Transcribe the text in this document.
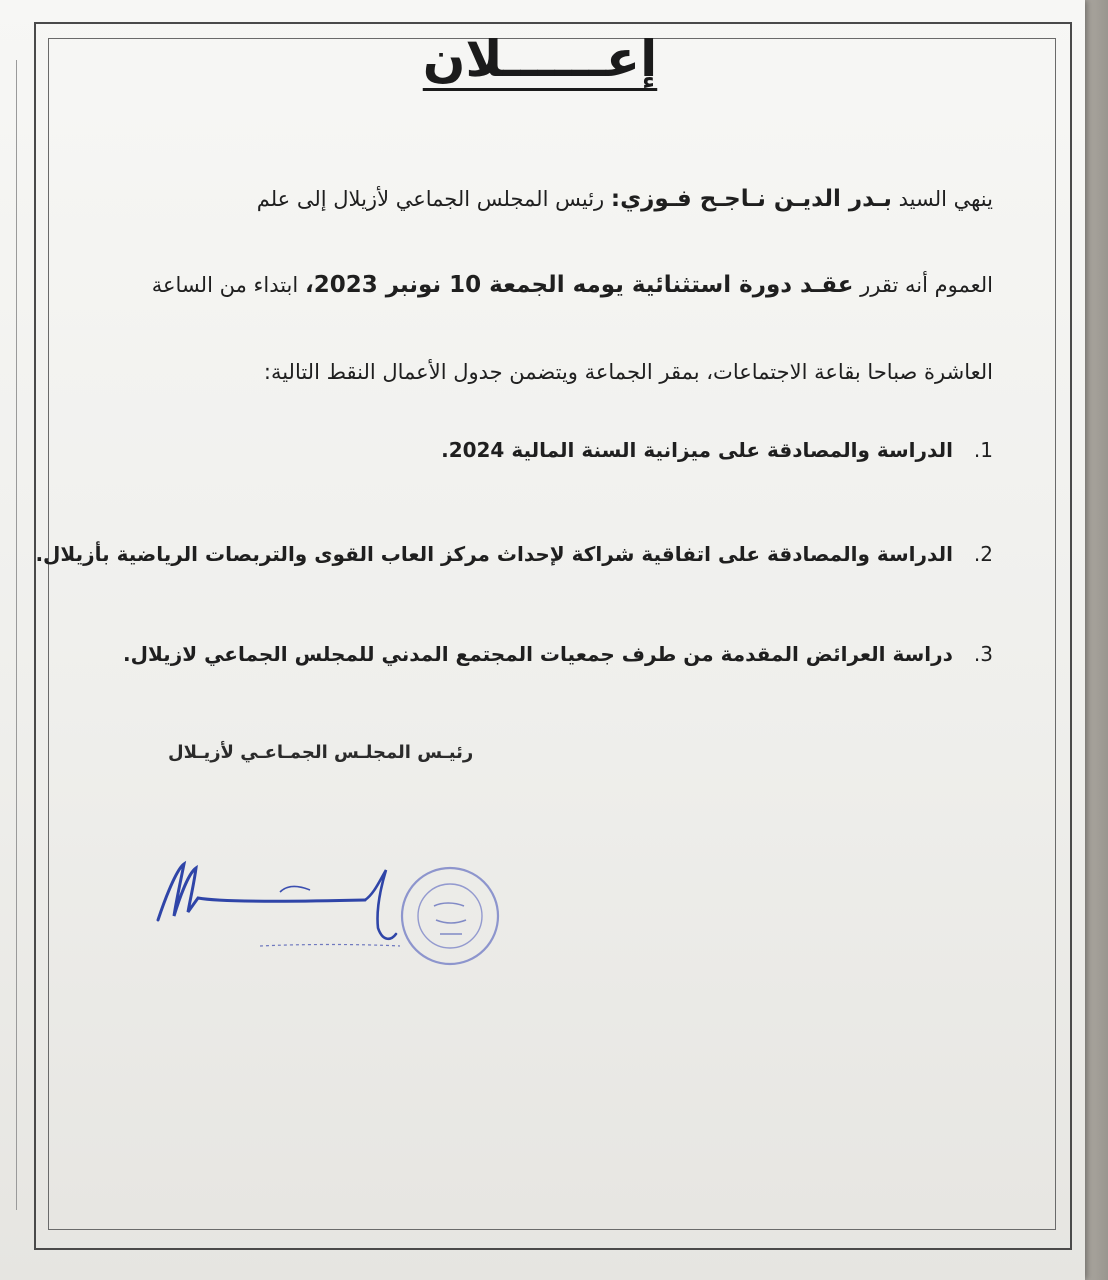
إعــــــلان
ينهي السيد بـدر الديـن نـاجـح فـوزي: رئيس المجلس الجماعي لأزيلال إلى علم
العموم أنه تقرر عقـد دورة استثنائية يومه الجمعة 10 نونبر 2023، ابتداء من الساعة
العاشرة صباحا بقاعة الاجتماعات، بمقر الجماعة ويتضمن جدول الأعمال النقط التالية:
1. الدراسة والمصادقة على ميزانية السنة المالية 2024.
2. الدراسة والمصادقة على اتفاقية شراكة لإحداث مركز العاب القوى والتربصات الرياضية بأزيلال.
3. دراسة العرائض المقدمة من طرف جمعيات المجتمع المدني للمجلس الجماعي لازيلال.
رئيـس المجلـس الجمـاعـي لأزيـلال
